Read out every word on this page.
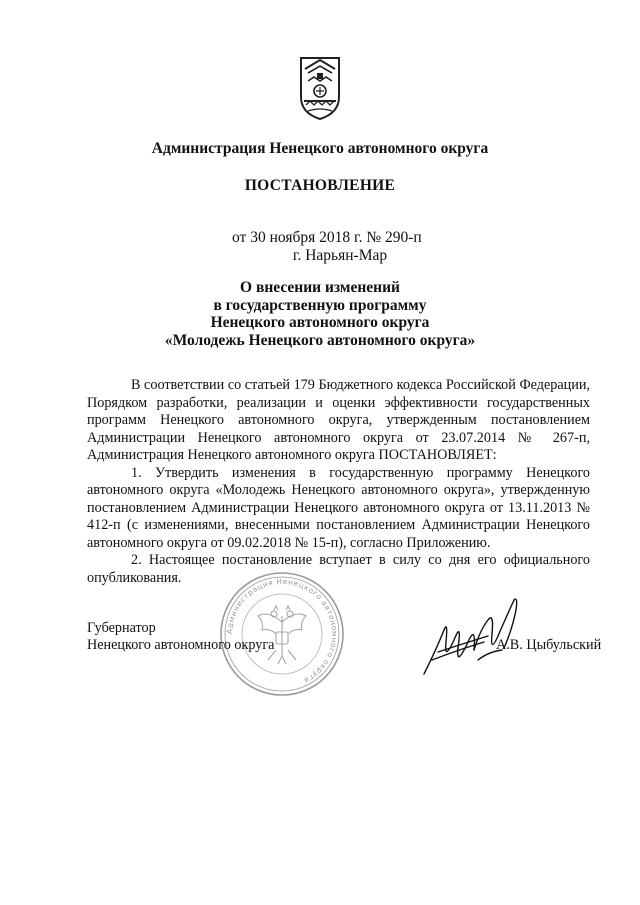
Администрация Ненецкого автономного округа
ПОСТАНОВЛЕНИЕ
от 30 ноября 2018 г. № 290-п
г. Нарьян-Мар
О внесении изменений
в государственную программу
Ненецкого автономного округа
«Молодежь Ненецкого автономного округа»

В соответствии со статьей 179 Бюджетного кодекса Российской Федерации, Порядком разработки, реализации и оценки эффективности государственных программ Ненецкого автономного округа, утвержденным постановлением Администрации Ненецкого автономного округа от 23.07.2014 № 267-п, Администрация Ненецкого автономного округа ПОСТАНОВЛЯЕТ:

1. Утвердить изменения в государственную программу Ненецкого автономного округа «Молодежь Ненецкого автономного округа», утвержденную постановлением Администрации Ненецкого автономного округа от 13.11.2013 № 412-п (с изменениями, внесенными постановлением Администрации Ненецкого автономного округа от 09.02.2018 № 15-п), согласно Приложению.

2. Настоящее постановление вступает в силу со дня его официального опубликования.

Администрация Ненецкого автономного округа
Губернатор
Ненецкого автономного округа	А.В. Цыбульский
